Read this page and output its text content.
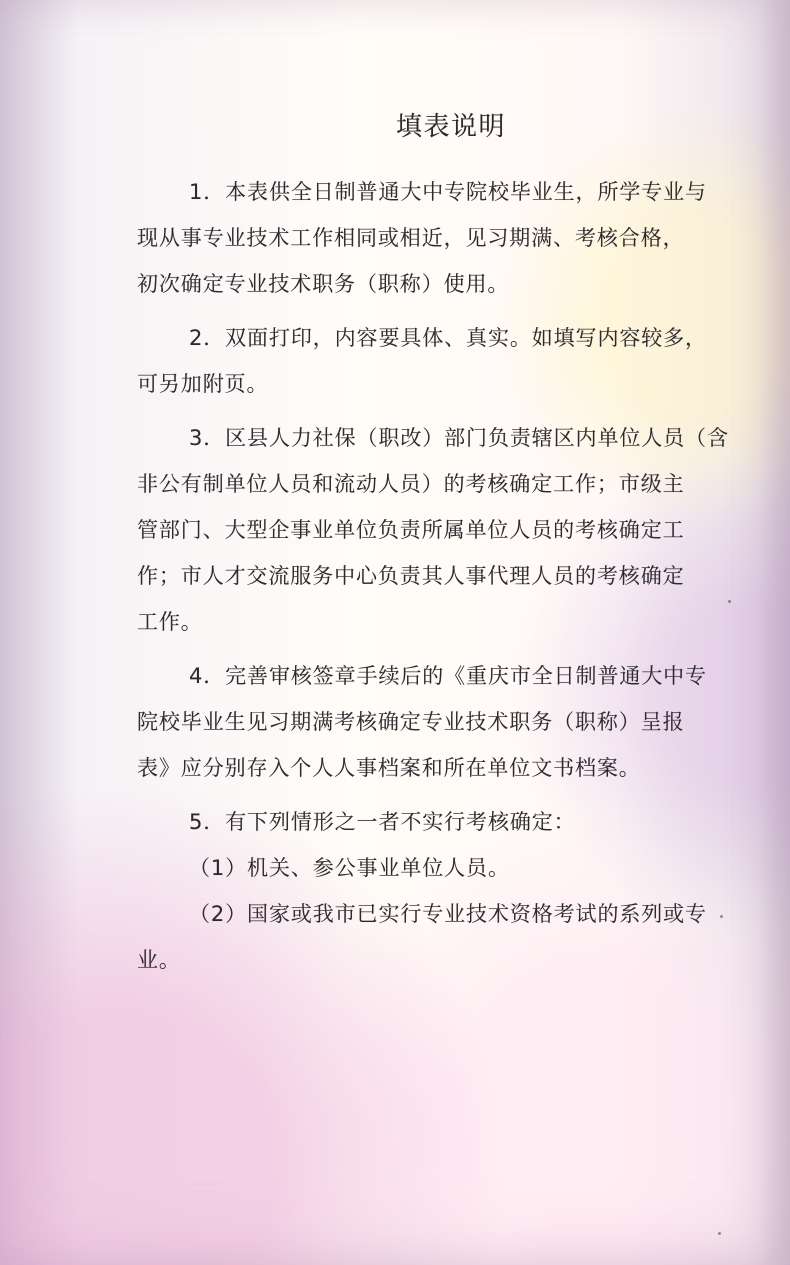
填表说明
1．本表供全日制普通大中专院校毕业生，所学专业与
现从事专业技术工作相同或相近，见习期满、考核合格，
初次确定专业技术职务（职称）使用。
2．双面打印，内容要具体、真实。如填写内容较多，
可另加附页。
3．区县人力社保（职改）部门负责辖区内单位人员（含
非公有制单位人员和流动人员）的考核确定工作；市级主
管部门、大型企事业单位负责所属单位人员的考核确定工
作；市人才交流服务中心负责其人事代理人员的考核确定
工作。
4．完善审核签章手续后的《重庆市全日制普通大中专
院校毕业生见习期满考核确定专业技术职务（职称）呈报
表》应分别存入个人人事档案和所在单位文书档案。
5．有下列情形之一者不实行考核确定：
（1）机关、参公事业单位人员。
（2）国家或我市已实行专业技术资格考试的系列或专
业。
